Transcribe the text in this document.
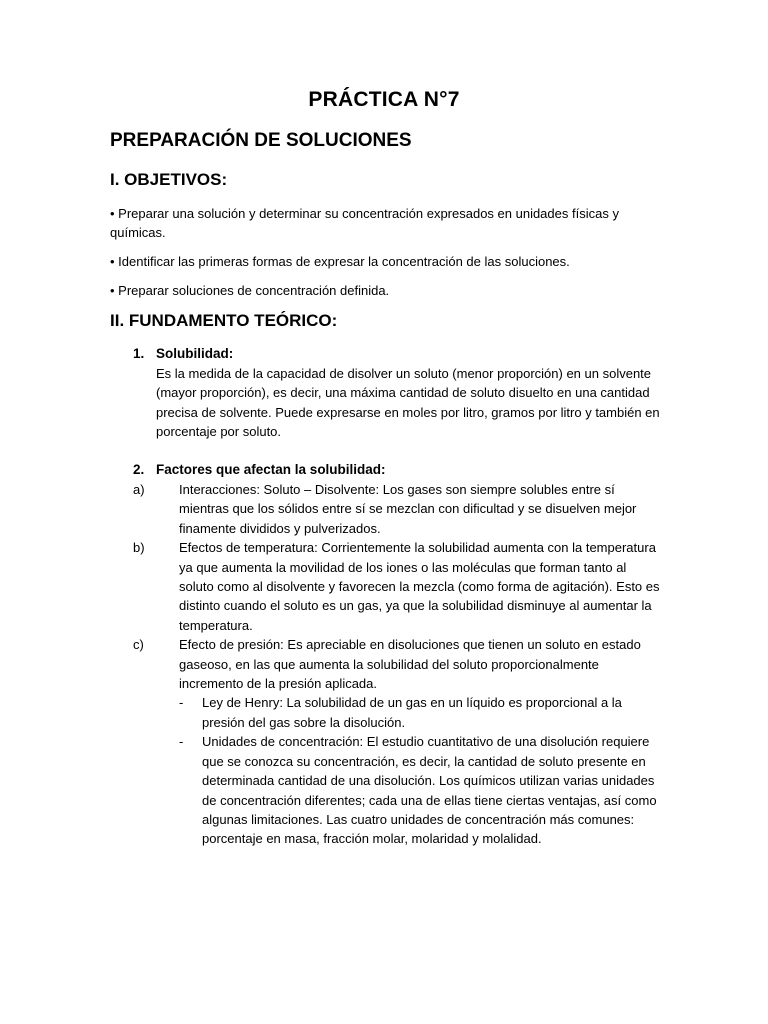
PRÁCTICA N°7
PREPARACIÓN DE SOLUCIONES
I. OBJETIVOS:
• Preparar una solución y determinar su concentración expresados en unidades físicas y químicas.
• Identificar las primeras formas de expresar la concentración de las soluciones.
• Preparar soluciones de concentración definida.
II. FUNDAMENTO TEÓRICO:
1. Solubilidad:
Es la medida de la capacidad de disolver un soluto (menor proporción) en un solvente (mayor proporción), es decir, una máxima cantidad de soluto disuelto en una cantidad precisa de solvente. Puede expresarse en moles por litro, gramos por litro y también en porcentaje por soluto.
2. Factores que afectan la solubilidad:
a)	Interacciones: Soluto – Disolvente: Los gases son siempre solubles entre sí mientras que los sólidos entre sí se mezclan con dificultad y se disuelven mejor finamente divididos y pulverizados.
b)	Efectos de temperatura: Corrientemente la solubilidad aumenta con la temperatura ya que aumenta la movilidad de los iones o las moléculas que forman tanto al soluto como al disolvente y favorecen la mezcla (como forma de agitación). Esto es distinto cuando el soluto es un gas, ya que la solubilidad disminuye al aumentar la temperatura.
c)	Efecto de presión: Es apreciable en disoluciones que tienen un soluto en estado gaseoso, en las que aumenta la solubilidad del soluto proporcionalmente incremento de la presión aplicada.
-	Ley de Henry: La solubilidad de un gas en un líquido es proporcional a la presión del gas sobre la disolución.
-	Unidades de concentración: El estudio cuantitativo de una disolución requiere que se conozca su concentración, es decir, la cantidad de soluto presente en determinada cantidad de una disolución. Los químicos utilizan varias unidades de concentración diferentes; cada una de ellas tiene ciertas ventajas, así como algunas limitaciones. Las cuatro unidades de concentración más comunes: porcentaje en masa, fracción molar, molaridad y molalidad.
